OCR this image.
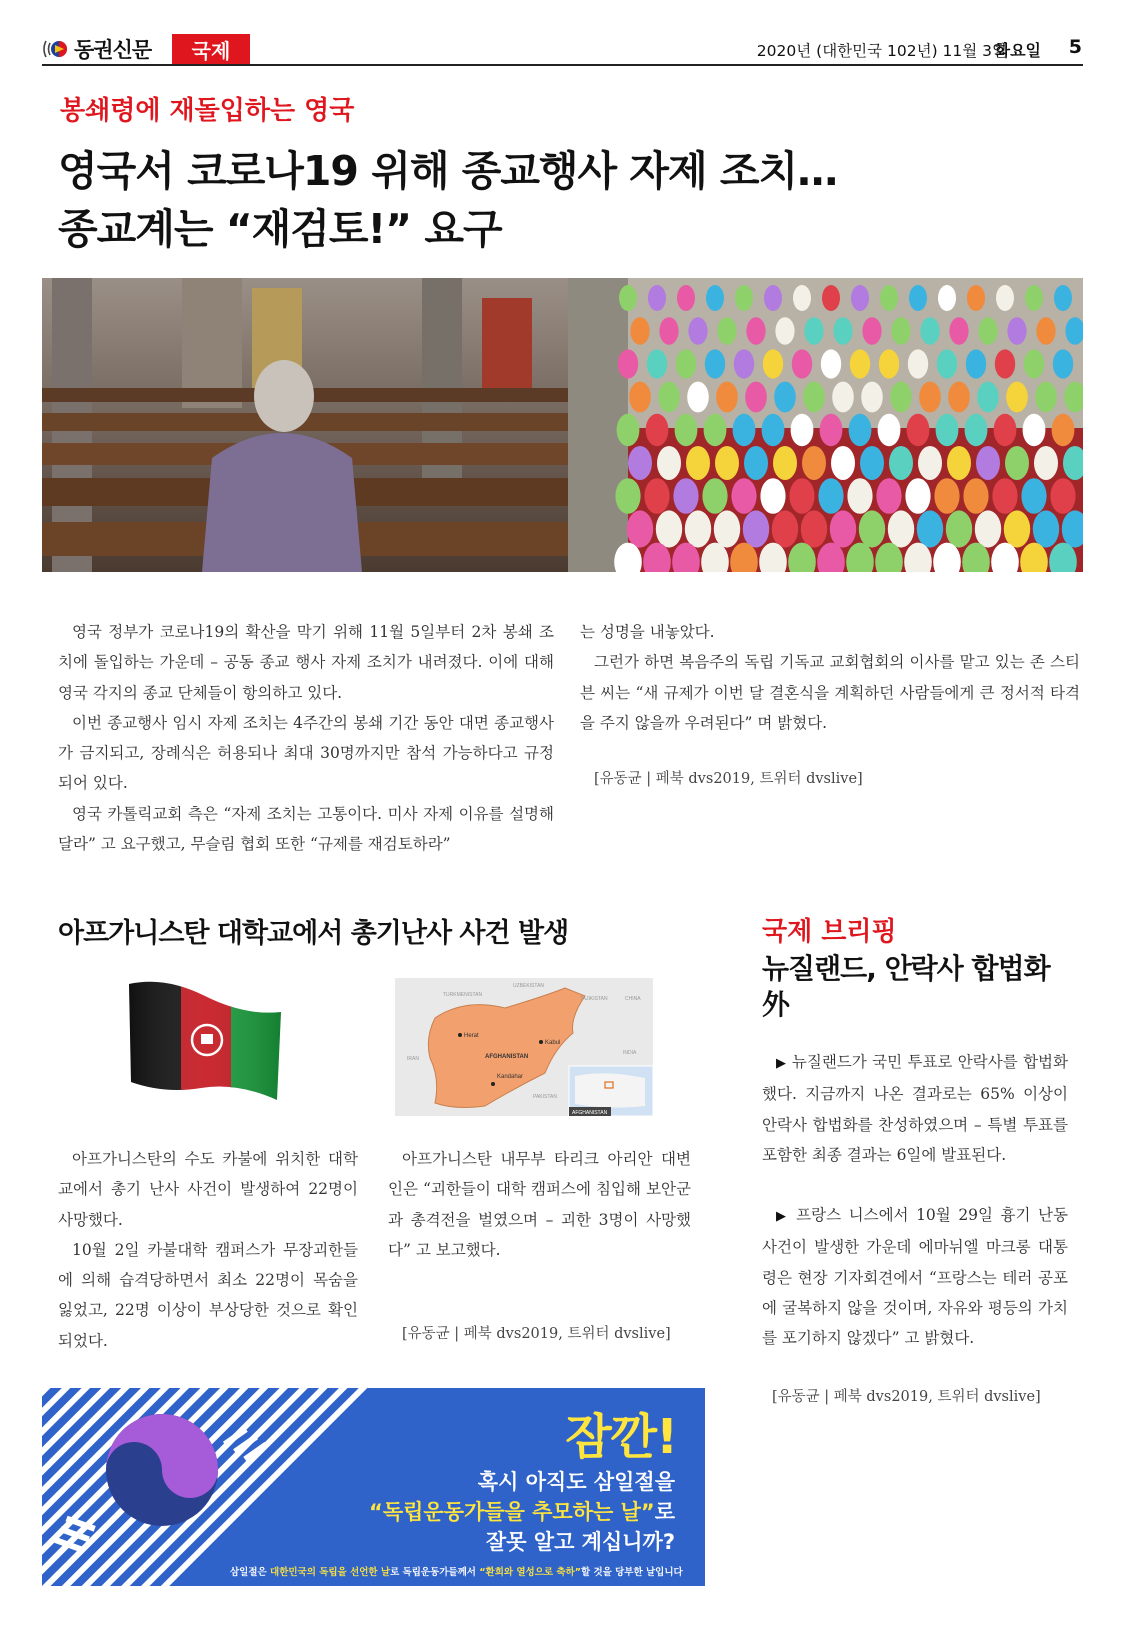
동권신문	국제	2020년 (대한민국 102년) 11월 3일
화요일 5
봉쇄령에 재돌입하는 영국
영국서 코로나19 위해 종교행사 자제 조치…
종교계는 “재검토!” 요구

영국 정부가 코로나19의 확산을 막기 위해 11월 5일부터 2차 봉쇄 조치에 돌입하는 가운데 – 공동 종교 행사 자제 조치가 내려졌다. 이에 대해 영국 각지의 종교 단체들이 항의하고 있다.

이번 종교행사 임시 자제 조치는 4주간의 봉쇄 기간 동안 대면 종교행사가 금지되고, 장례식은 허용되나 최대 30명까지만 참석 가능하다고 규정되어 있다.

영국 카톨릭교회 측은 “자제 조치는 고통이다. 미사 자제 이유를 설명해 달라” 고 요구했고, 무슬림 협회 또한 “규제를 재검토하라”

는 성명을 내놓았다.

그런가 하면 복음주의 독립 기독교 교회협회의 이사를 맡고 있는 존 스티븐 씨는 “새 규제가 이번 달 결혼식을 계획하던 사람들에게 큰 정서적 타격을 주지 않을까 우려된다” 며 밝혔다.

[유동균 | 페북 dvs2019, 트위터 dvslive]
아프가니스탄 대학교에서 총기난사 사건 발생
Herat
Kabul
Kandahar
AFGHANISTAN
TURKMENISTAN
UZBEKISTAN
TAJIKISTAN	CHINA
IRAN
PAKISTAN
INDIA
AFGHANISTAN

아프가니스탄의 수도 카불에 위치한 대학교에서 총기 난사 사건이 발생하여 22명이 사망했다.

10월 2일 카불대학 캠퍼스가 무장괴한들에 의해 습격당하면서 최소 22명이 목숨을 잃었고, 22명 이상이 부상당한 것으로 확인되었다.

아프가니스탄 내무부 타리크 아리안 대변인은 “괴한들이 대학 캠퍼스에 침입해 보안군과 총격전을 벌였으며 – 괴한 3명이 사망했다” 고 보고했다.

[유동균 | 페북 dvs2019, 트위터 dvslive]
국제 브리핑
뉴질랜드, 안락사 합법화 外

▶ 뉴질랜드가 국민 투표로 안락사를 합법화했다. 지금까지 나온 결과로는 65% 이상이 안락사 합법화를 찬성하였으며 – 특별 투표를 포함한 최종 결과는 6일에 발표된다.

▶ 프랑스 니스에서 10월 29일 흉기 난동 사건이 발생한 가운데 에마뉘엘 마크롱 대통령은 현장 기자회견에서 “프랑스는 테러 공포에 굴복하지 않을 것이며, 자유와 평등의 가치를 포기하지 않겠다” 고 밝혔다.

[유동균 | 페북 dvs2019, 트위터 dvslive]
잠깐!
혹시 아직도 삼일절을
“독립운동가들을 추모하는 날”로
잘못 알고 계십니까?
삼일절은 대한민국의 독립을 선언한 날로 독립운동가들께서 “환희와 열성으로 축하”할 것을 당부한 날입니다
